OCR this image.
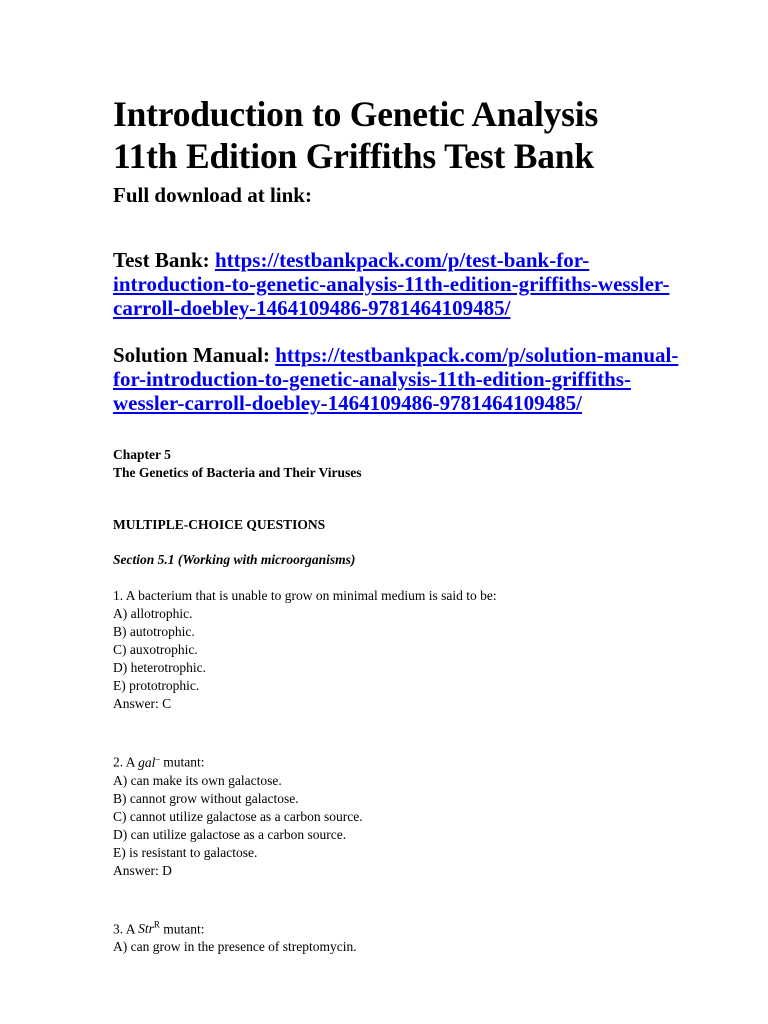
Introduction to Genetic Analysis
11th Edition Griffiths Test Bank

Full download at link:

Test Bank: https://testbankpack.com/p/test-bank-for-
introduction-to-genetic-analysis-11th-edition-griffiths-wessler-
carroll-doebley-1464109486-9781464109485/

Solution Manual: https://testbankpack.com/p/solution-manual-
for-introduction-to-genetic-analysis-11th-edition-griffiths-
wessler-carroll-doebley-1464109486-9781464109485/

Chapter 5
The Genetics of Bacteria and Their Viruses
MULTIPLE-CHOICE QUESTIONS
Section 5.1 (Working with microorganisms)
1. A bacterium that is unable to grow on minimal medium is said to be:
A) allotrophic.
B) autotrophic.
C) auxotrophic.
D) heterotrophic.
E) prototrophic.
Answer: C
2. A gal– mutant:
A) can make its own galactose.
B) cannot grow without galactose.
C) cannot utilize galactose as a carbon source.
D) can utilize galactose as a carbon source.
E) is resistant to galactose.
Answer: D
3. A Str$^R$ mutant:
A) can grow in the presence of streptomycin.
